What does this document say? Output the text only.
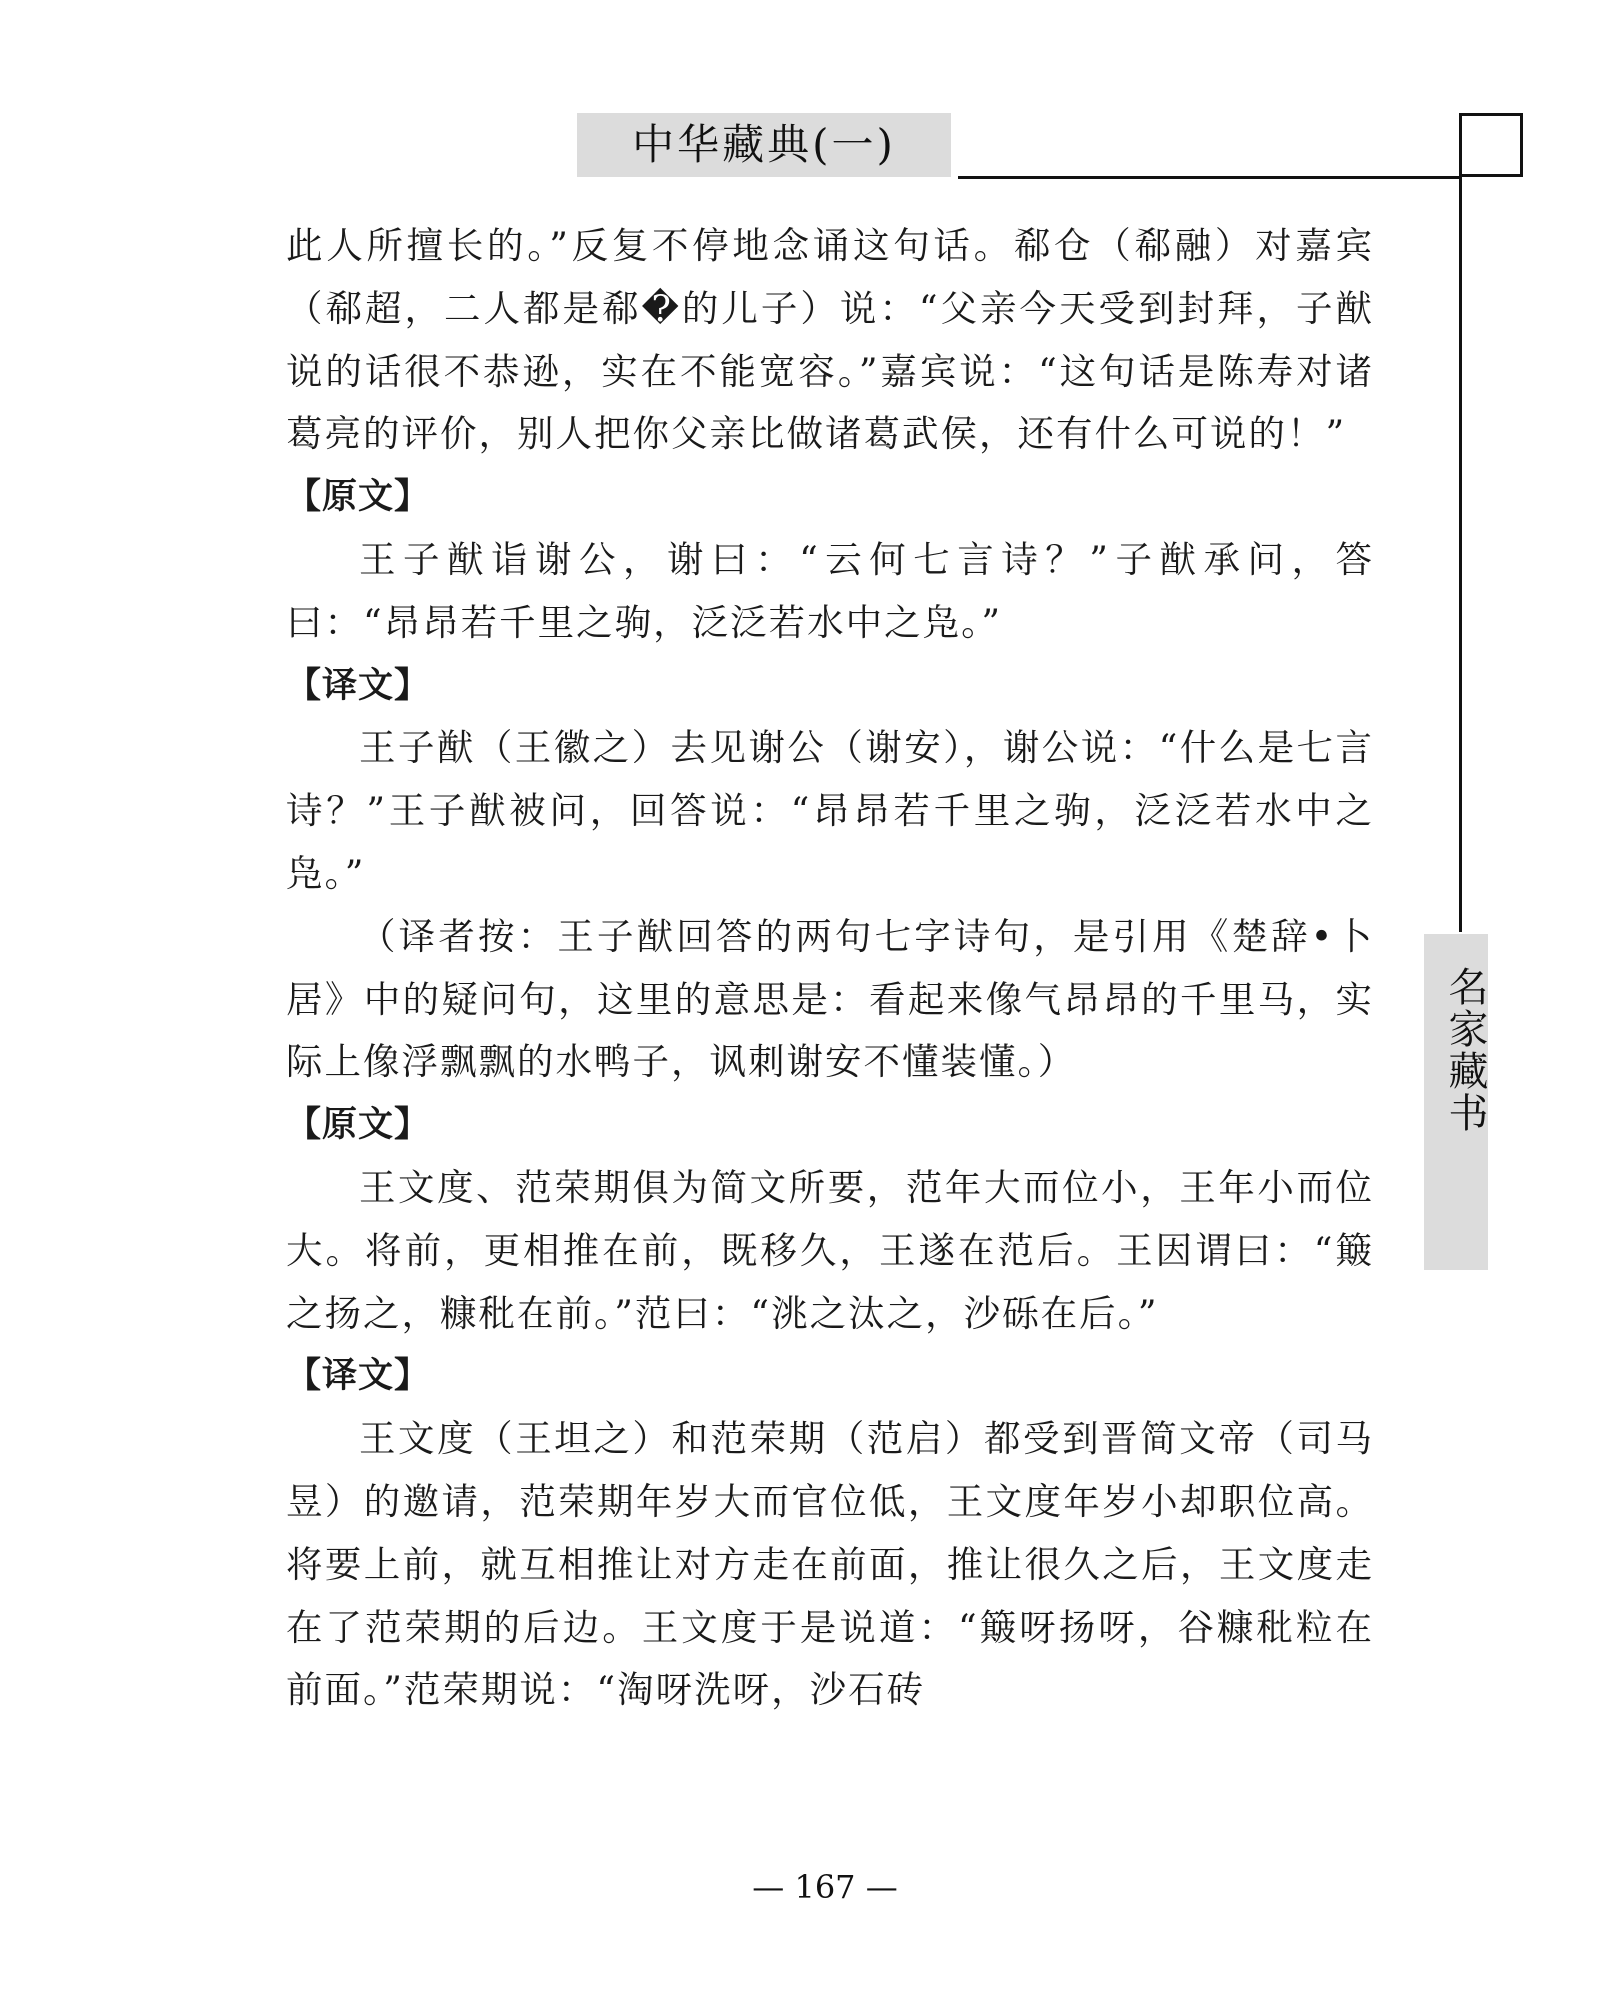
中华藏典(一)
名家藏书

此人所擅长的。”反复不停地念诵这句话。郗仓（郗融）对嘉宾（郗超，二人都是郗�的儿子）说：“父亲今天受到封拜，子猷说的话很不恭逊，实在不能宽容。”嘉宾说：“这句话是陈寿对诸葛亮的评价，别人把你父亲比做诸葛武侯，还有什么可说的！”

【原文】

王子猷诣谢公，谢曰：“云何七言诗？”子猷承问，答曰：“昂昂若千里之驹，泛泛若水中之凫。”

【译文】

王子猷（王徽之）去见谢公（谢安），谢公说：“什么是七言诗？”王子猷被问，回答说：“昂昂若千里之驹，泛泛若水中之凫。”

（译者按：王子猷回答的两句七字诗句，是引用《楚辞•卜居》中的疑问句，这里的意思是：看起来像气昂昂的千里马，实际上像浮飘飘的水鸭子，讽刺谢安不懂装懂。）

【原文】

王文度、范荣期俱为简文所要，范年大而位小，王年小而位大。将前，更相推在前，既移久，王遂在范后。王因谓曰：“簸之扬之，糠秕在前。”范曰：“洮之汰之，沙砾在后。”

【译文】

王文度（王坦之）和范荣期（范启）都受到晋简文帝（司马昱）的邀请，范荣期年岁大而官位低，王文度年岁小却职位高。将要上前，就互相推让对方走在前面，推让很久之后，王文度走在了范荣期的后边。王文度于是说道：“簸呀扬呀，谷糠秕粒在前面。”范荣期说：“淘呀洗呀，沙石砖

— 167 —
